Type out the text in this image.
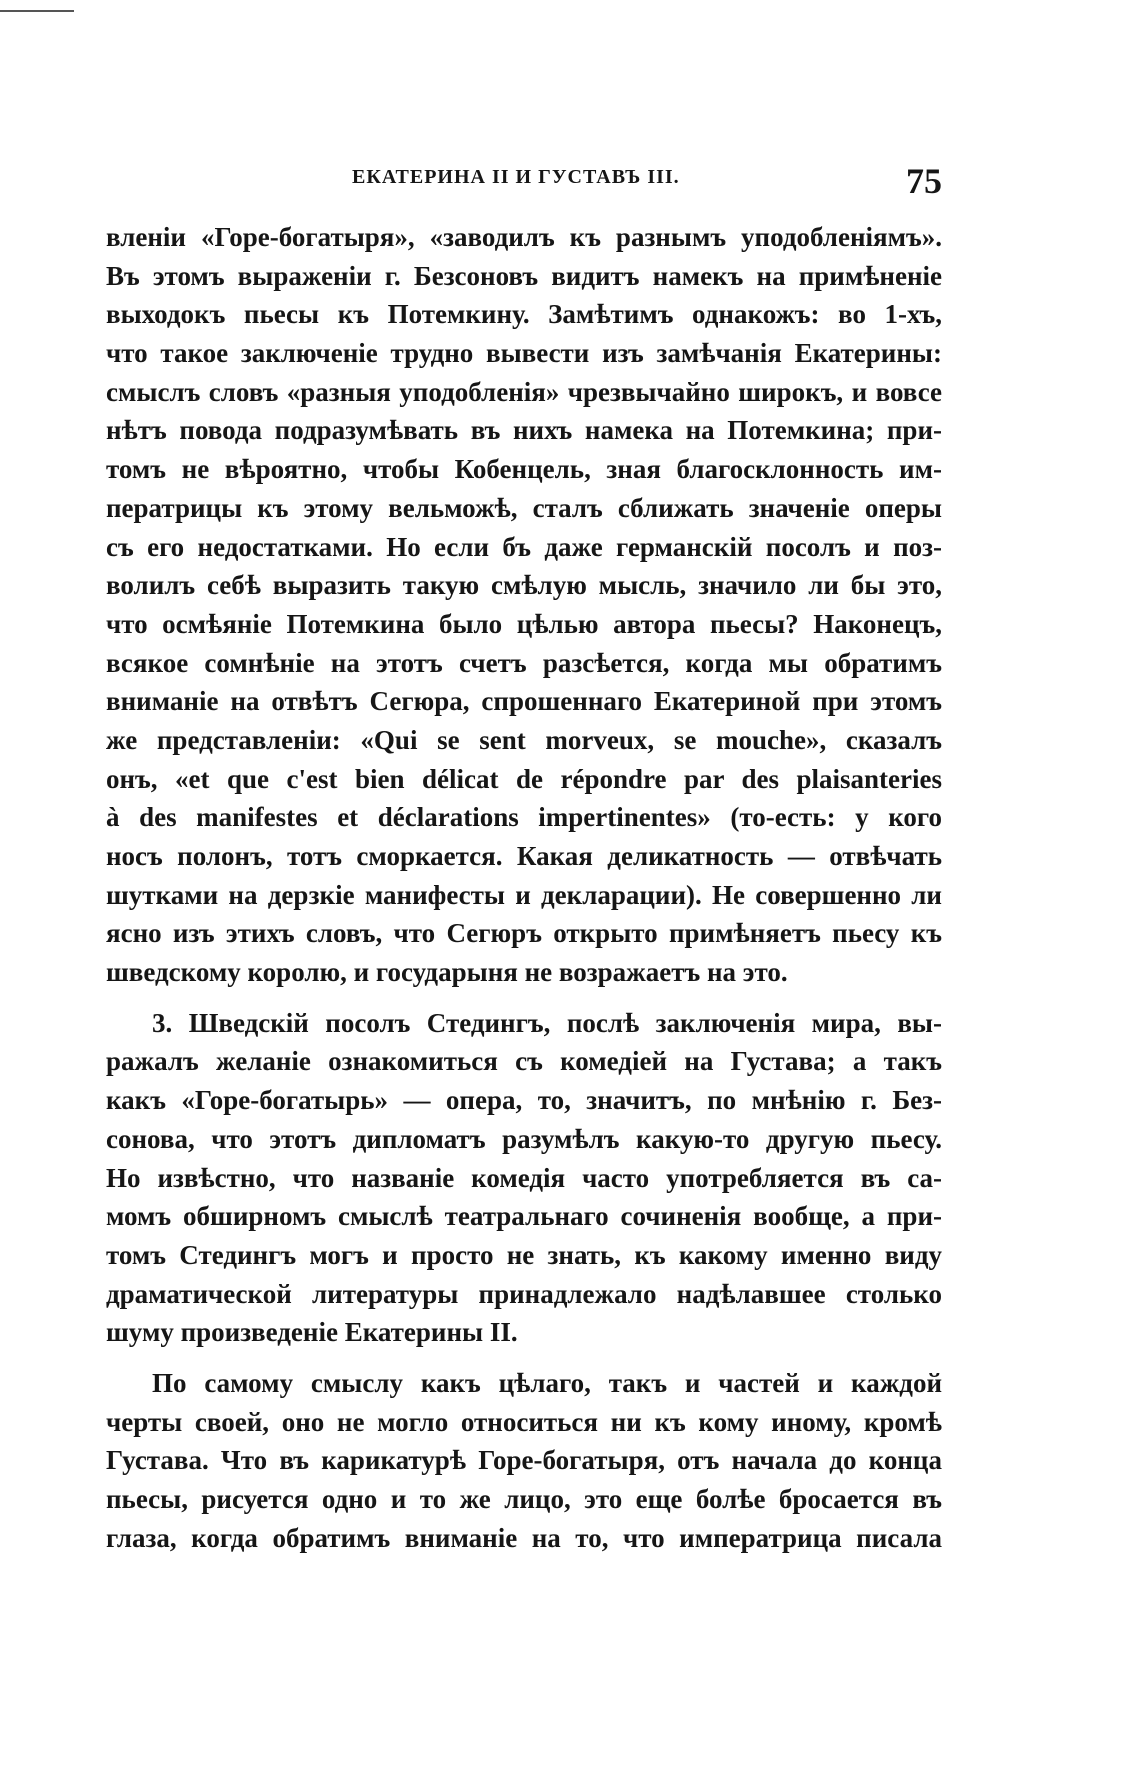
ЕКАТЕРИНА II И ГУСТАВЪ III.	75
вленіи «Горе-богатыря», «заводилъ къ разнымъ уподобленіямъ».
Въ этомъ выраженіи г. Безсоновъ видитъ намекъ на примѣненіе
выходокъ пьесы къ Потемкину. Замѣтимъ однакожъ: во 1-хъ,
что такое заключеніе трудно вывести изъ замѣчанія Екатерины:
смыслъ словъ «разныя уподобленія» чрезвычайно широкъ, и вовсе
нѣтъ повода подразумѣвать въ нихъ намека на Потемкина; при-
томъ не вѣроятно, чтобы Кобенцель, зная благосклонность им-
ператрицы къ этому вельможѣ, сталъ сближать значеніе оперы
съ его недостатками. Но если бъ даже германскій посолъ и поз-
волилъ себѣ выразить такую смѣлую мысль, значило ли бы это,
что осмѣяніе Потемкина было цѣлью автора пьесы? Наконецъ,
всякое сомнѣніе на этотъ счетъ разсѣется, когда мы обратимъ
вниманіе на отвѣтъ Сегюра, спрошеннаго Екатериной при этомъ
же представленіи: «Qui se sent morveux, se mouche», сказалъ
онъ, «et que c'est bien délicat de répondre par des plaisanteries
à des manifestes et déclarations impertinentes» (то-есть: у кого
носъ полонъ, тотъ сморкается. Какая деликатность — отвѣчать
шутками на дерзкіе манифесты и декларации). Не совершенно ли
ясно изъ этихъ словъ, что Сегюръ открыто примѣняетъ пьесу къ
шведскому королю, и государыня не возражаетъ на это.
3. Шведскій посолъ Стедингъ, послѣ заключенія мира, вы-
ражалъ желаніе ознакомиться съ комедіей на Густава; а такъ
какъ «Горе-богатырь» — опера, то, значитъ, по мнѣнію г. Без-
сонова, что этотъ дипломатъ разумѣлъ какую-то другую пьесу.
Но извѣстно, что названіе комедія часто употребляется въ са-
момъ обширномъ смыслѣ театральнаго сочиненія вообще, а при-
томъ Стедингъ могъ и просто не знать, къ какому именно виду
драматической литературы принадлежало надѣлавшее столько
шуму произведеніе Екатерины II.
По самому смыслу какъ цѣлаго, такъ и частей и каждой
черты своей, оно не могло относиться ни къ кому иному, кромѣ
Густава. Что въ карикатурѣ Горе-богатыря, отъ начала до конца
пьесы, рисуется одно и то же лицо, это еще болѣе бросается въ
глаза, когда обратимъ вниманіе на то, что императрица писала
